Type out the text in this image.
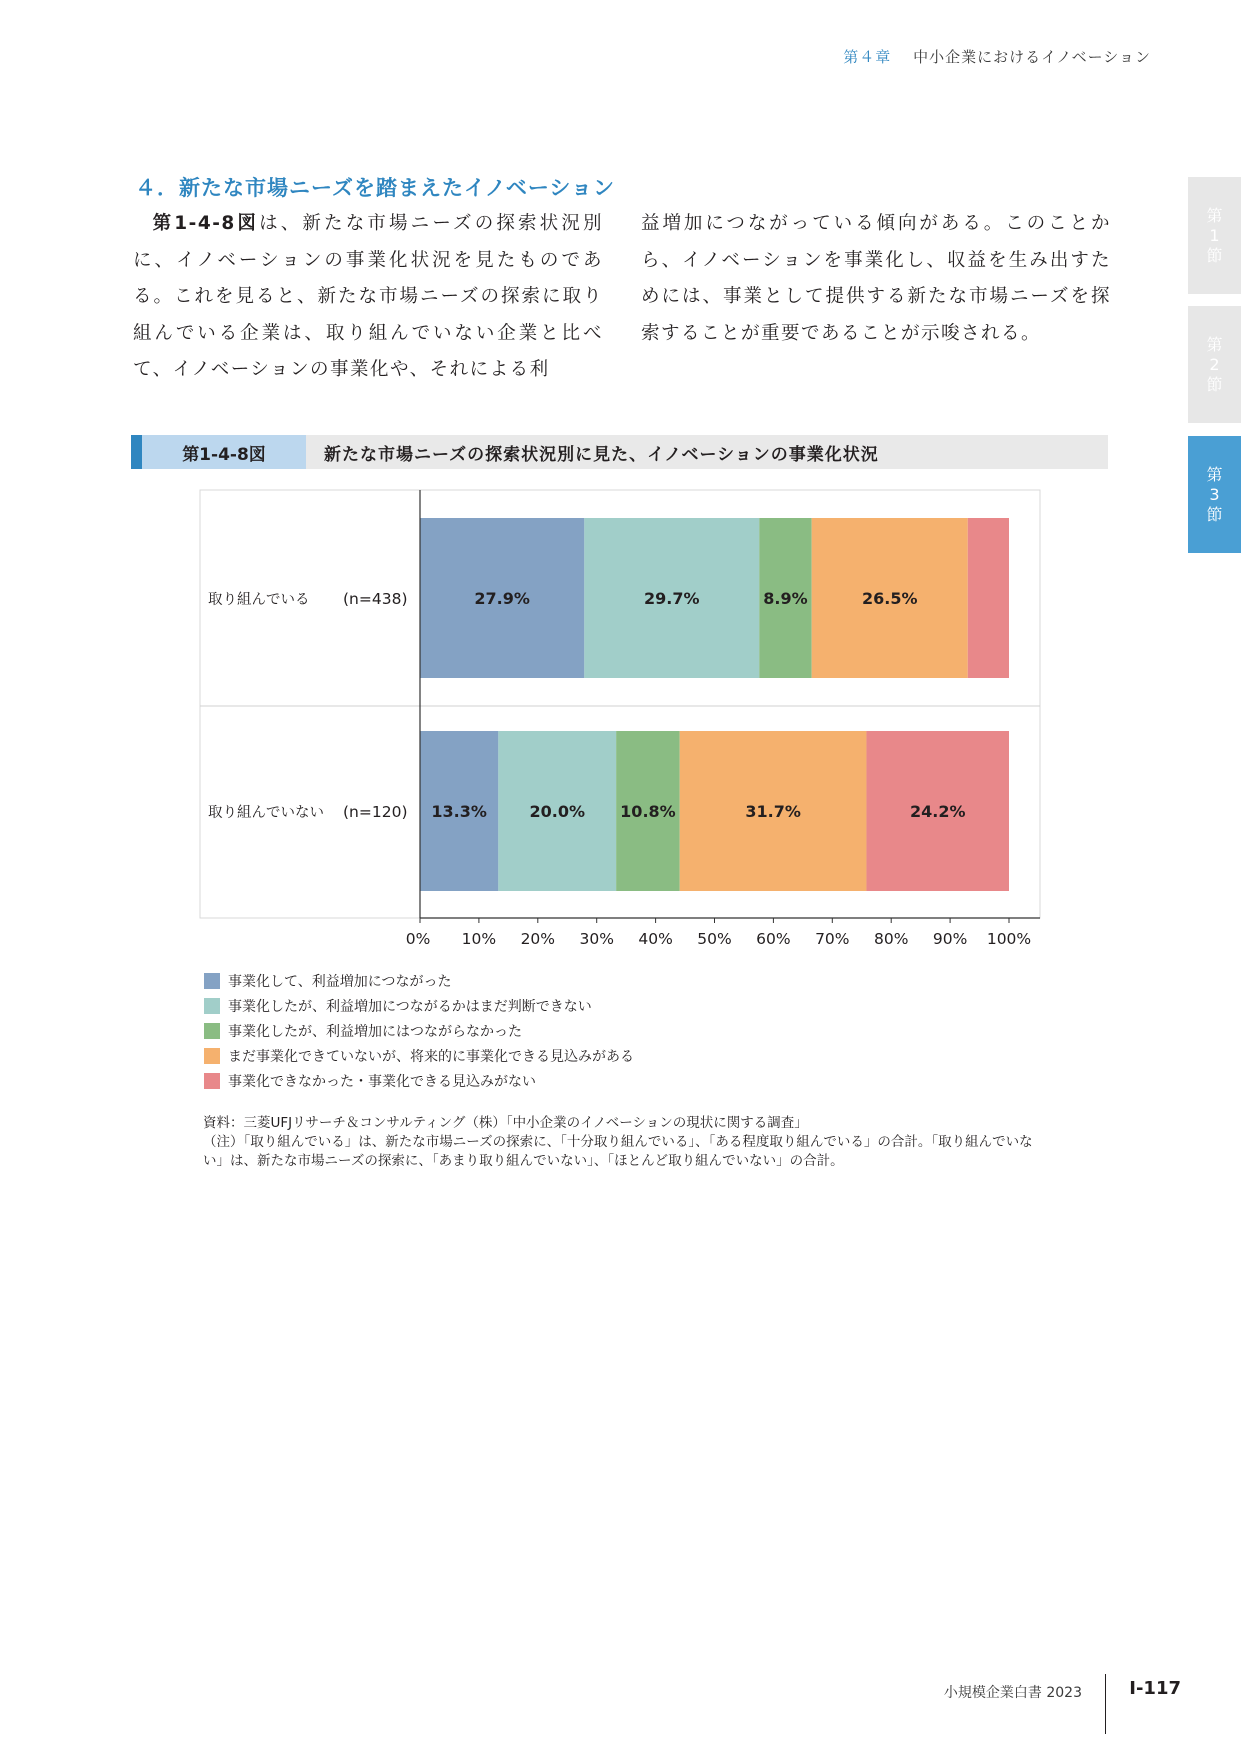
第４章 中小企業におけるイノベーション
第1節
第2節
第3節
４．新たな市場ニーズを踏まえたイノベーション
第1-4-8図は、新たな市場ニーズの探索状況別に、イノベーションの事業化状況を見たものである。これを見ると、新たな市場ニーズの探索に取り組んでいる企業は、取り組んでいない企業と比べて、イノベーションの事業化や、それによる利
益増加につながっている傾向がある。このことから、イノベーションを事業化し、収益を生み出すためには、事業として提供する新たな市場ニーズを探索することが重要であることが示唆される。
第1-4-8図	新たな市場ニーズの探索状況別に見た、イノベーションの事業化状況
27.9%	29.7%	8.9%	26.5%
取り組んでいる (n=438)
13.3%	20.0% 10.8%	31.7%	24.2%
取り組んでいない (n=120)
0% 10% 20% 30% 40% 50% 60% 70% 80% 90% 100%
事業化して、利益増加につながった
事業化したが、利益増加につながるかはまだ判断できない
事業化したが、利益増加にはつながらなかった
まだ事業化できていないが、将来的に事業化できる見込みがある
事業化できなかった・事業化できる見込みがない
資料：三菱UFJリサーチ＆コンサルティング（株）「中小企業のイノベーションの現状に関する調査」
（注）「取り組んでいる」は、新たな市場ニーズの探索に、「十分取り組んでいる」、「ある程度取り組んでいる」の合計。「取り組んでいない」は、新たな市場ニーズの探索に、「あまり取り組んでいない」、「ほとんど取り組んでいない」の合計。
小規模企業白書 2023	Ⅰ-117
